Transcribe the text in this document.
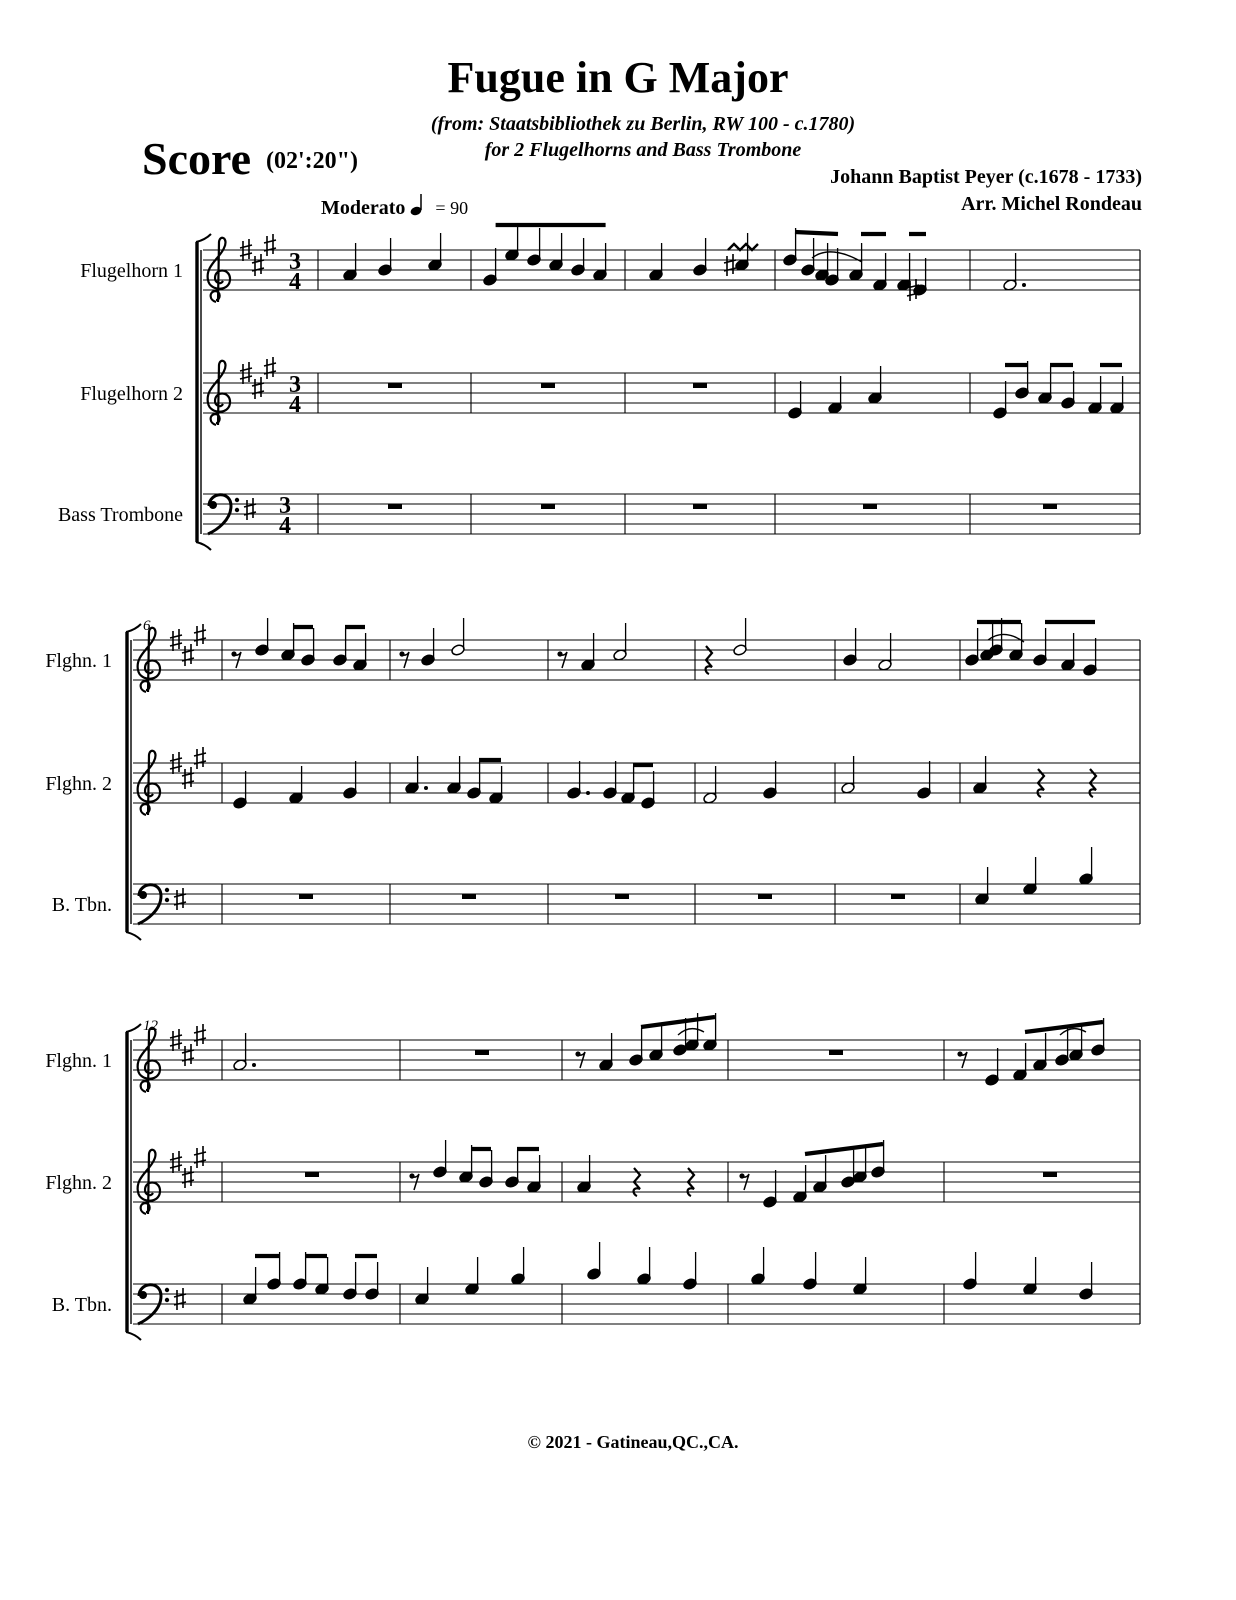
Fugue in G Major
(from: Staatsbibliothek zu Berlin, RW 100 - c.1780)
for 2 Flugelhorns and Bass Trombone
Score (02':20")
Johann Baptist Peyer (c.1678 - 1733)
Arr. Michel Rondeau
Moderato = 90
© 2021 - Gatineau,QC.,CA.
Flugelhorn 1
Flugelhorn 2
Bass Trombone
3
4
3
4
3
4
Flghn. 1
Flghn. 2
B. Tbn.
6
Flghn. 1
Flghn. 2
B. Tbn.
12
